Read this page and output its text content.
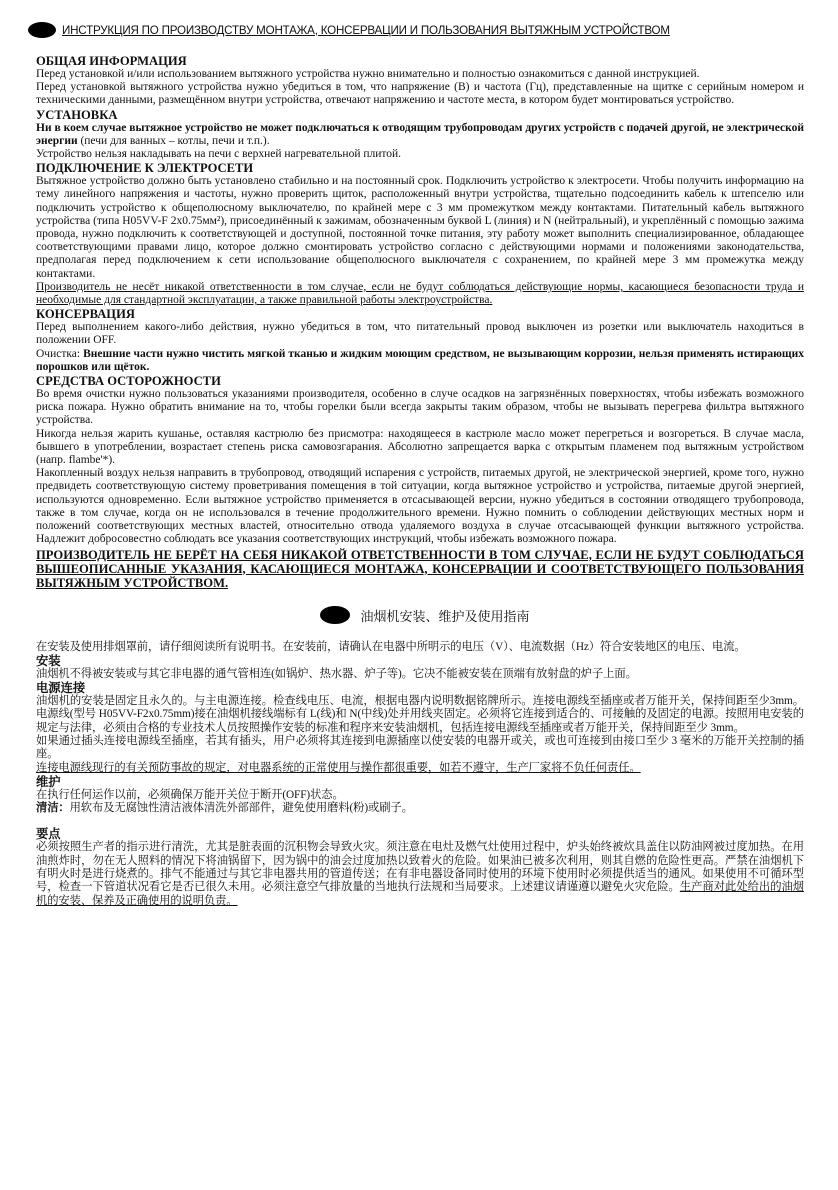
ИНСТРУКЦИЯ ПО ПРОИЗВОДСТВУ МОНТАЖА, КОНСЕРВАЦИИ И ПОЛЬЗОВАНИЯ ВЫТЯЖНЫМ УСТРОЙСТВОМ
ОБЩАЯ ИНФОРМАЦИЯ

Перед установкой и/или использованием вытяжного устройства нужно внимательно и полностью ознакомиться с данной инструкцией.

Перед установкой вытяжного устройства нужно убедиться в том, что напряжение (В) и частота (Гц), представленные на щитке с серийным номером и техническими данными, размещённом внутри устройства, отвечают напряжению и частоте места, в котором будет монтироваться устройство.

УСТАНОВКА

Ни в коем случае вытяжное устройство не может подключаться к отводящим трубопроводам других устройств с подачей другой, не электрической энергии (печи для ванных – котлы, печи и т.п.).

Устройство нельзя накладывать на печи с верхней нагревательной плитой.

ПОДКЛЮЧЕНИЕ К ЭЛЕКТРОСЕТИ

Вытяжное устройство должно быть установлено стабильно и на постоянный срок. Подключить устройство к электросети. Чтобы получить информацию на тему линейного напряжения и частоты, нужно проверить щиток, расположенный внутри устройства, тщательно подсоединить кабель к штепселю или подключить устройство к общеполюсному выключателю, по крайней мере с 3 мм промежутком между контактами. Питательный кабель вытяжного устройства (типа H05VV-F 2x0.75мм²), присоединённый к зажимам, обозначенным буквой L (линия) и N (нейтральный), и укреплённый с помощью зажима провода, нужно подключить к соответствующей и доступной, постоянной точке питания, эту работу может выполнить специализированное, обладающее соответствующими правами лицо, которое должно смонтировать устройство согласно с действующими нормами и положениями законодательства, предполагая перед подключением к сети использование общеполюсного выключателя с сохранением, по крайней мере 3 мм промежутка между контактами.

Производитель не несёт никакой ответственности в том случае, если не будут соблюдаться действующие нормы, касающиеся безопасности труда и необходимые для стандартной эксплуатации, а также правильной работы электроустройства.

КОНСЕРВАЦИЯ

Перед выполнением какого-либо действия, нужно убедиться в том, что питательный провод выключен из розетки или выключатель находиться в положении OFF.

Очистка: Внешние части нужно чистить мягкой тканью и жидким моющим средством, не вызывающим коррозии, нельзя применять истирающих порошков или щёток.

СРЕДСТВА ОСТОРОЖНОСТИ

Во время очистки нужно пользоваться указаниями производителя, особенно в случе осадков на загрязнённых поверхностях, чтобы избежать возможного риска пожара. Нужно обратить внимание на то, чтобы горелки были всегда закрыты таким образом, чтобы не вызывать перегрева фильтра вытяжного устройства.

Никогда нельзя жарить кушанье, оставляя кастрюлю без присмотра: находящееся в кастрюле масло может перегреться и возгореться. В случае масла, бывшего в употреблении, возрастает степень риска самовозгарания. Абсолютно запрещается варка с открытым пламенем под вытяжным устройством (напр. flambe'*).

Накопленный воздух нельзя направить в трубопровод, отводящий испарения с устройств, питаемых другой, не электрической энергией, кроме того, нужно предвидеть соответствующую систему проветривания помещения в той ситуации, когда вытяжное устройство и устройства, питаемые другой энергией, используются одновременно. Если вытяжное устройство применяется в отсасывающей версии, нужно убедиться в состоянии отводящего трубопровода, также в том случае, когда он не использовался в течение продолжительного времени. Нужно помнить о соблюдении действующих местных норм и положений соответствующих местных властей, относительно отвода удаляемого воздуха в случае отсасывающей функции вытяжного устройства. Надлежит добросовестно соблюдать все указания соответствующих инструкций, чтобы избежать возможного пожара.

ПРОИЗВОДИТЕЛЬ НЕ БЕРЁТ НА СЕБЯ НИКАКОЙ ОТВЕТСТВЕННОСТИ В ТОМ СЛУЧАЕ, ЕСЛИ НЕ БУДУТ СОБЛЮДАТЬСЯ ВЫШЕОПИСАННЫЕ УКАЗАНИЯ, КАСАЮЩИЕСЯ МОНТАЖА, КОНСЕРВАЦИИ И СООТВЕТСТВУЮЩЕГО ПОЛЬЗОВАНИЯ ВЫТЯЖНЫМ УСТРОЙСТВОМ.

油烟机安装、维护及使用指南

在安装及使用排烟罩前，请仔细阅读所有说明书。在安装前，请确认在电器中所明示的电压（V）、电流数据（Hz）符合安装地区的电压、电流。

安装

油烟机不得被安装或与其它非电器的通气管相连(如锅炉、热水器、炉子等)。它决不能被安装在顶端有放射盘的炉子上面。

电源连接

油烟机的安装是固定且永久的。与主电源连接。检查线电压、电流，根据电器内说明数据铭牌所示。连接电源线至插座或者万能开关，保持间距至少3mm。电源线(型号 H05VV-F2x0.75mm)接在油烟机接线端标有 L(线)和 N(中线)处并用线夹固定。必须将它连接到适合的、可接触的及固定的电源。按照用电安装的规定与法律，必须由合格的专业技术人员按照操作安装的标准和程序来安装油烟机，包括连接电源线至插座或者万能开关，保持间距至少 3mm。

如果通过插头连接电源线至插座，若其有插头，用户必须将其连接到电源插座以使安装的电器开或关，或也可连接到由接口至少 3 毫米的万能开关控制的插座。

连接电源线现行的有关预防事故的规定，对电器系统的正常使用与操作都很重要，如若不遵守，生产厂家将不负任何责任。

维护

在执行任何运作以前，必须确保万能开关位于断开(OFF)状态。

清洁：用软布及无腐蚀性清洁液体清洗外部部件，避免使用磨料(粉)或刷子。

要点

必须按照生产者的指示进行清洗，尤其是脏表面的沉积物会导致火灾。须注意在电灶及燃气灶使用过程中，炉头始终被炊具盖住以防油网被过度加热。在用油煎炸时，勿在无人照料的情况下将油锅留下，因为锅中的油会过度加热以致着火的危险。如果油已被多次利用，则其自燃的危险性更高。严禁在油烟机下有明火时是进行烧煮的。排气不能通过与其它非电器共用的管道传送；在有非电器设备同时使用的环境下使用时必须提供适当的通风。如果使用不可循环型号，检查一下管道状况看它是否已很久未用。必须注意空气排放量的当地执行法规和当局要求。上述建议请谨遵以避免火灾危险。生产商对此处给出的油烟机的安装、保养及正确使用的说明负责。
